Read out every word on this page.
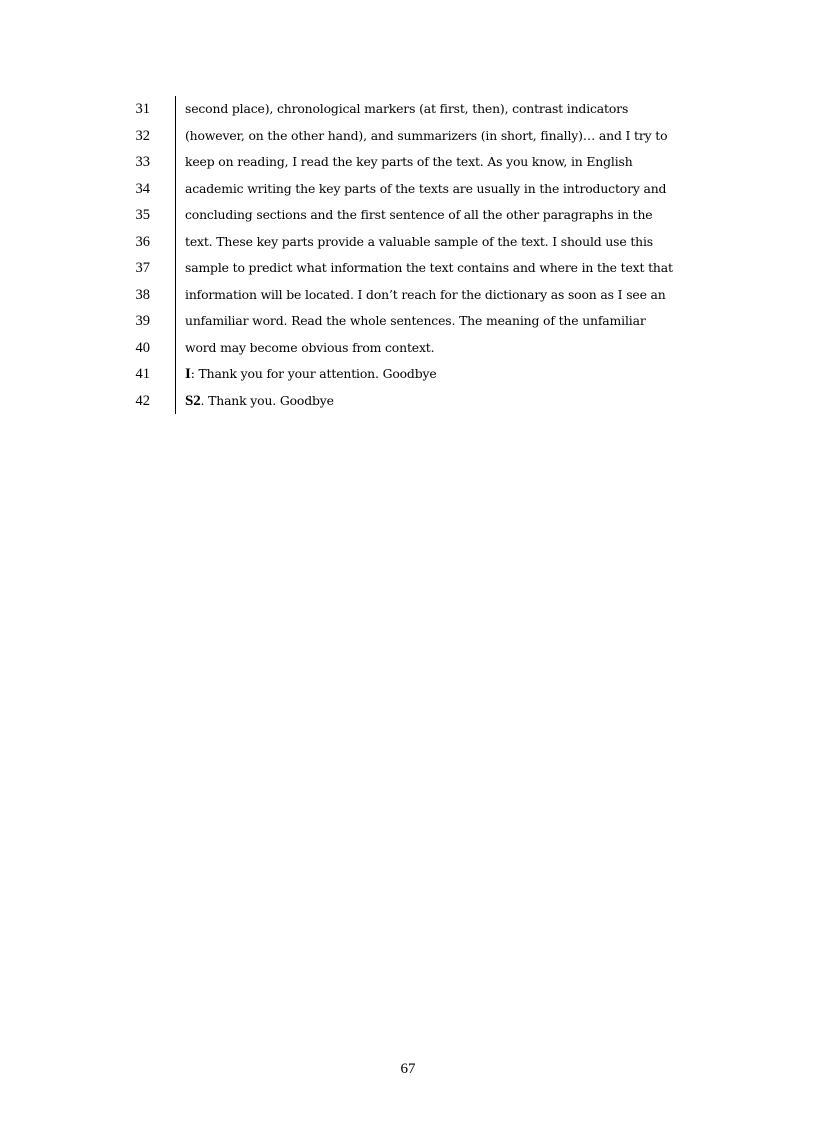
31	second place), chronological markers (at first, then), contrast indicators
32	(however, on the other hand), and summarizers (in short, finally)… and I try to
33	keep on reading, I read the key parts of the text. As you know, in English
34	academic writing the key parts of the texts are usually in the introductory and
35	concluding sections and the first sentence of all the other paragraphs in the
36	text. These key parts provide a valuable sample of the text. I should use this
37	sample to predict what information the text contains and where in the text that
38	information will be located. I don’t reach for the dictionary as soon as I see an
39	unfamiliar word. Read the whole sentences. The meaning of the unfamiliar
40	word may become obvious from context.
41 I: Thank you for your attention. Goodbye
42 S2. Thank you. Goodbye
67
